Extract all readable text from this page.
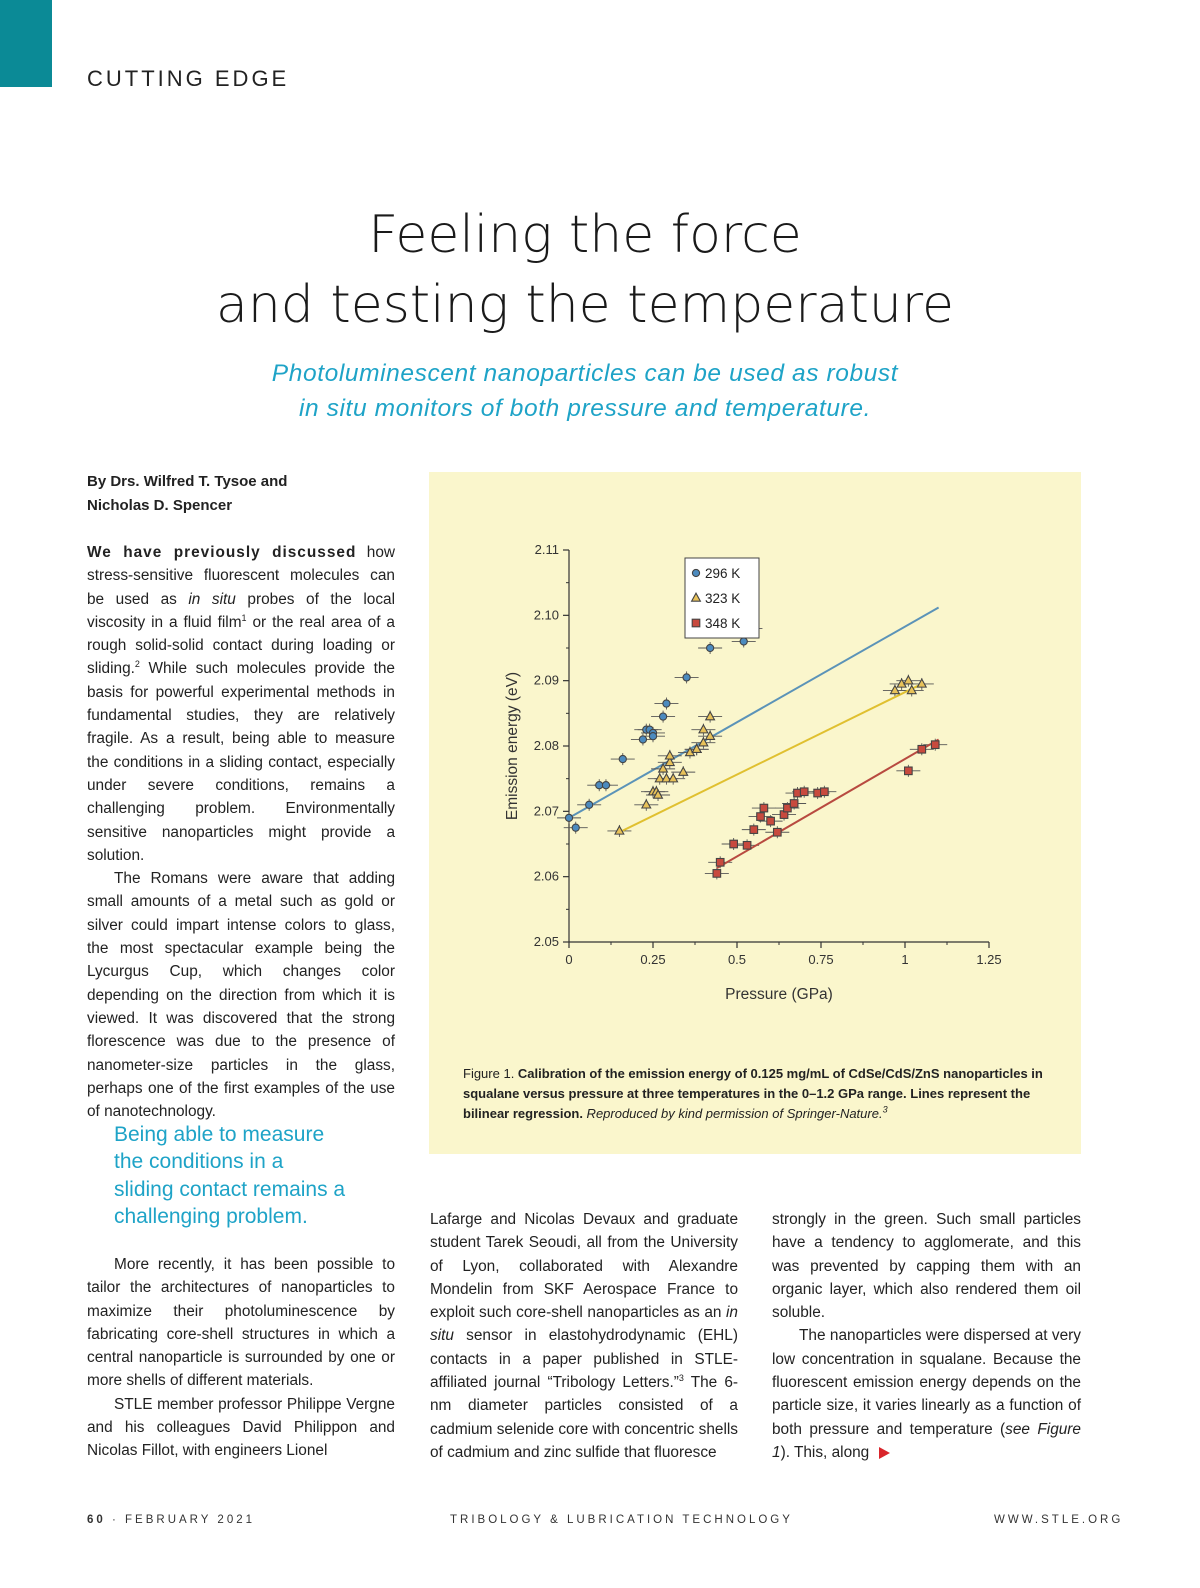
CUTTING EDGE
Feeling the force
and testing the temperature
Photoluminescent nanoparticles can be used as robust
in situ monitors of both pressure and temperature.
By Drs. Wilfred T. Tysoe and
Nicholas D. Spencer

We have previously discussed how stress-sensitive fluorescent molecules can be used as in situ probes of the local viscosity in a fluid film$^1$ or the real area of a rough solid-solid contact during loading or sliding.$^2$ While such molecules provide the basis for powerful experimental methods in fundamental studies, they are relatively fragile. As a result, being able to measure the conditions in a sliding contact, especially under severe conditions, remains a challenging problem. Environmentally sensitive nanoparticles might provide a solution.

The Romans were aware that adding small amounts of a metal such as gold or silver could impart intense colors to glass, the most spectacular example being the Lycurgus Cup, which changes color depending on the direction from which it is viewed. It was discovered that the strong florescence was due to the presence of nanometer-size particles in the glass, perhaps one of the first examples of the use of nanotechnology.

Being able to measure
the conditions in a
sliding contact remains a
challenging problem.

More recently, it has been possible to tailor the architectures of nanoparticles to maximize their photoluminescence by fabricating core-shell structures in which a central nanoparticle is surrounded by one or more shells of different materials.

STLE member professor Philippe Vergne and his colleagues David Philippon and Nicolas Fillot, with engineers Lionel

0	0.25	0.5	0.75	1	1.25
2.05
2.06
2.07
2.08
2.09
2.10
2.11
Pressure (GPa)
Emission energy (eV)
296 K
323 K
348 K
Figure 1. Calibration of the emission energy of 0.125 mg/mL of CdSe/CdS/ZnS nanoparticles in squalane versus pressure at three temperatures in the 0–1.2 GPa range. Lines represent the bilinear regression. Reproduced by kind permission of Springer-Nature.$^3$

Lafarge and Nicolas Devaux and graduate student Tarek Seoudi, all from the University of Lyon, collaborated with Alexandre Mondelin from SKF Aerospace France to exploit such core-shell nanoparticles as an in situ sensor in elastohydrodynamic (EHL) contacts in a paper published in STLE-affiliated journal “Tribology Letters.”$^3$ The 6-nm diameter particles consisted of a cadmium selenide core with concentric shells of cadmium and zinc sulfide that fluoresce

strongly in the green. Such small particles have a tendency to agglomerate, and this was prevented by capping them with an organic layer, which also rendered them oil soluble.

The nanoparticles were dispersed at very low concentration in squalane. Because the fluorescent emission energy depends on the particle size, it varies linearly as a function of both pressure and temperature (see Figure 1). This, along

60 · FEBRUARY 2021	TRIBOLOGY & LUBRICATION TECHNOLOGY	WWW.STLE.ORG
